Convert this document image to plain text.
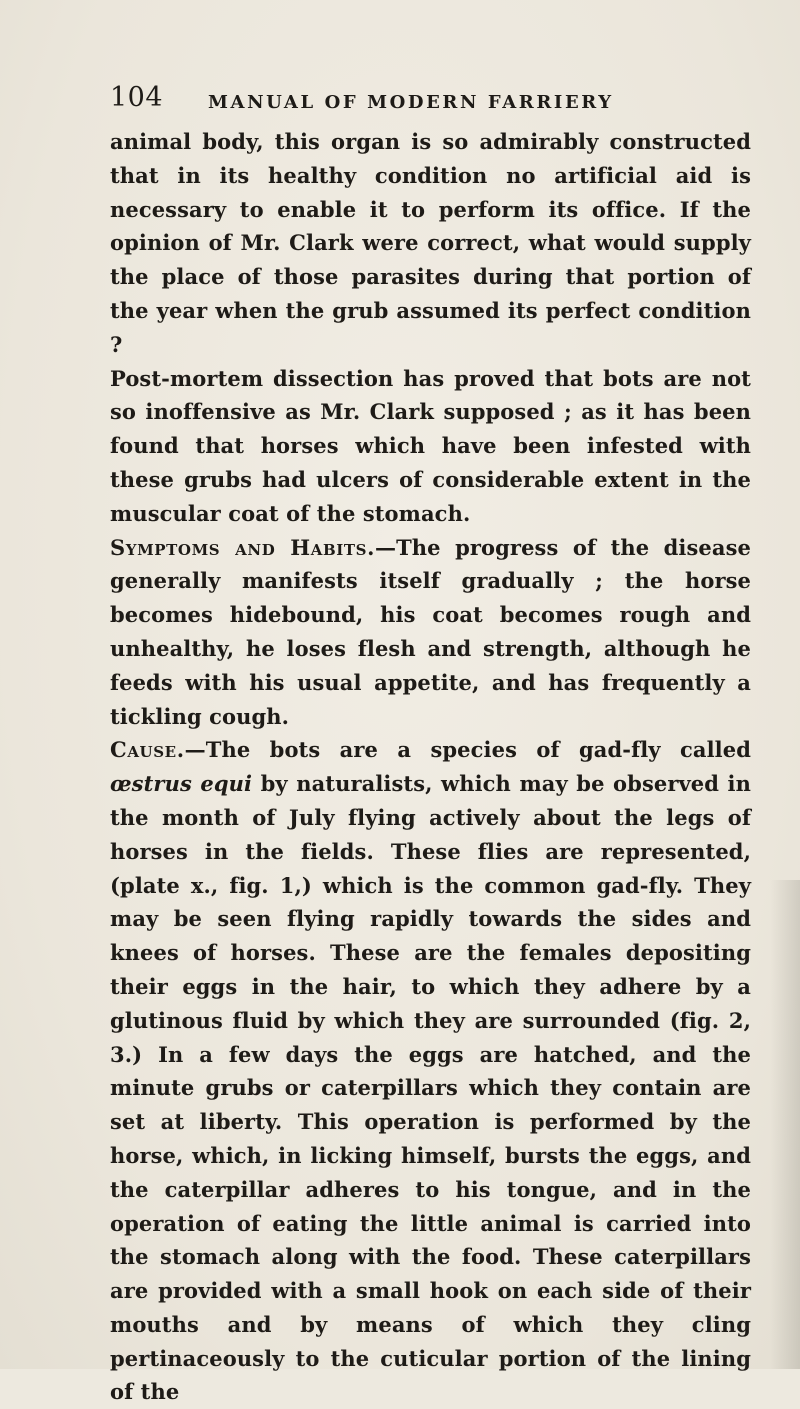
104 MANUAL OF MODERN FARRIERY

animal body, this organ is so admirably constructed that in its healthy condition no artificial aid is necessary to enable it to perform its office. If the opinion of Mr. Clark were correct, what would supply the place of those parasites during that portion of the year when the grub assumed its perfect condition ?

Post-mortem dissection has proved that bots are not so inoffensive as Mr. Clark supposed ; as it has been found that horses which have been infested with these grubs had ulcers of considerable extent in the muscular coat of the stomach.

Symptoms and Habits.—The progress of the disease generally manifests itself gradually ; the horse becomes hidebound, his coat becomes rough and unhealthy, he loses flesh and strength, although he feeds with his usual appetite, and has frequently a tickling cough.

Cause.—The bots are a species of gad-fly called œstrus equi by naturalists, which may be observed in the month of July flying actively about the legs of horses in the fields. These flies are represented, (plate x., fig. 1,) which is the common gad-fly. They may be seen flying rapidly towards the sides and knees of horses. These are the females depositing their eggs in the hair, to which they adhere by a glutinous fluid by which they are surrounded (fig. 2, 3.) In a few days the eggs are hatched, and the minute grubs or caterpillars which they contain are set at liberty. This operation is performed by the horse, which, in licking himself, bursts the eggs, and the caterpillar adheres to his tongue, and in the operation of eating the little animal is carried into the stomach along with the food. These caterpillars are provided with a small hook on each side of their mouths and by means of which they cling pertinaceously to the cuticular portion of the lining of the
